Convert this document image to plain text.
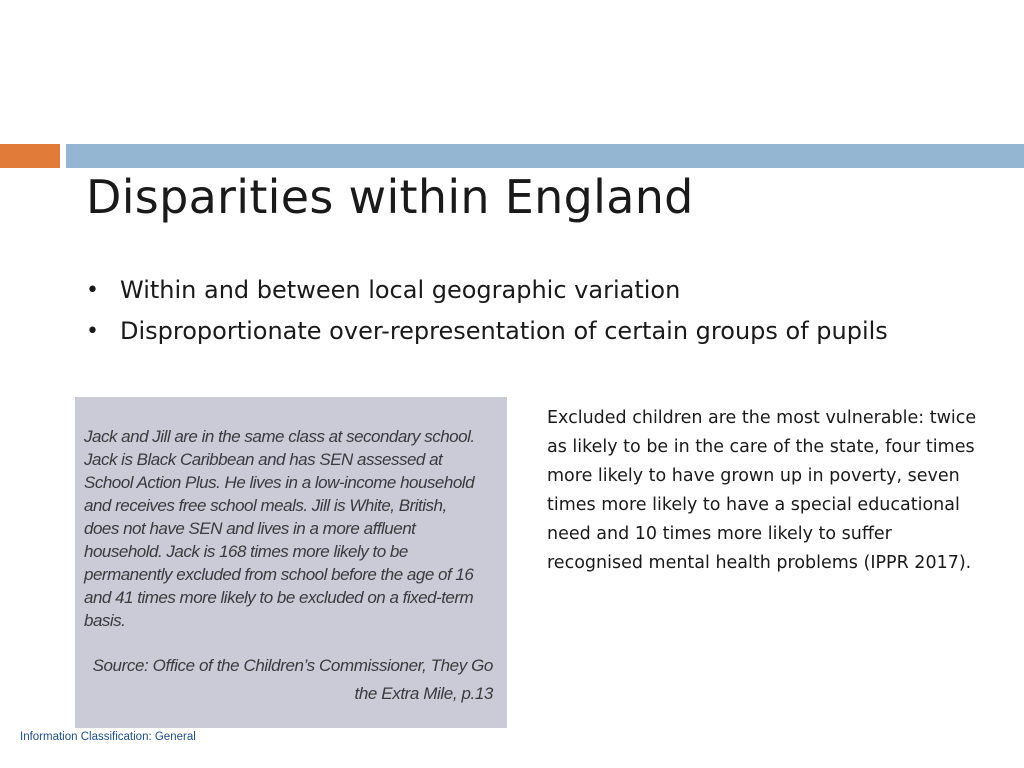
Disparities within England
• Within and between local geographic variation
• Disproportionate over-representation of certain groups of pupils

Jack and Jill are in the same class at secondary school. Jack is Black Caribbean and has SEN assessed at School Action Plus. He lives in a low-income household and receives free school meals. Jill is White, British, does not have SEN and lives in a more affluent household. Jack is 168 times more likely to be permanently excluded from school before the age of 16 and 41 times more likely to be excluded on a fixed-term basis.

Source: Office of the Children’s Commissioner, They Go the Extra Mile, p.13

Excluded children are the most vulnerable: twice as likely to be in the care of the state, four times more likely to have grown up in poverty, seven times more likely to have a special educational need and 10 times more likely to suffer recognised mental health problems (IPPR 2017).

Information Classification: General
